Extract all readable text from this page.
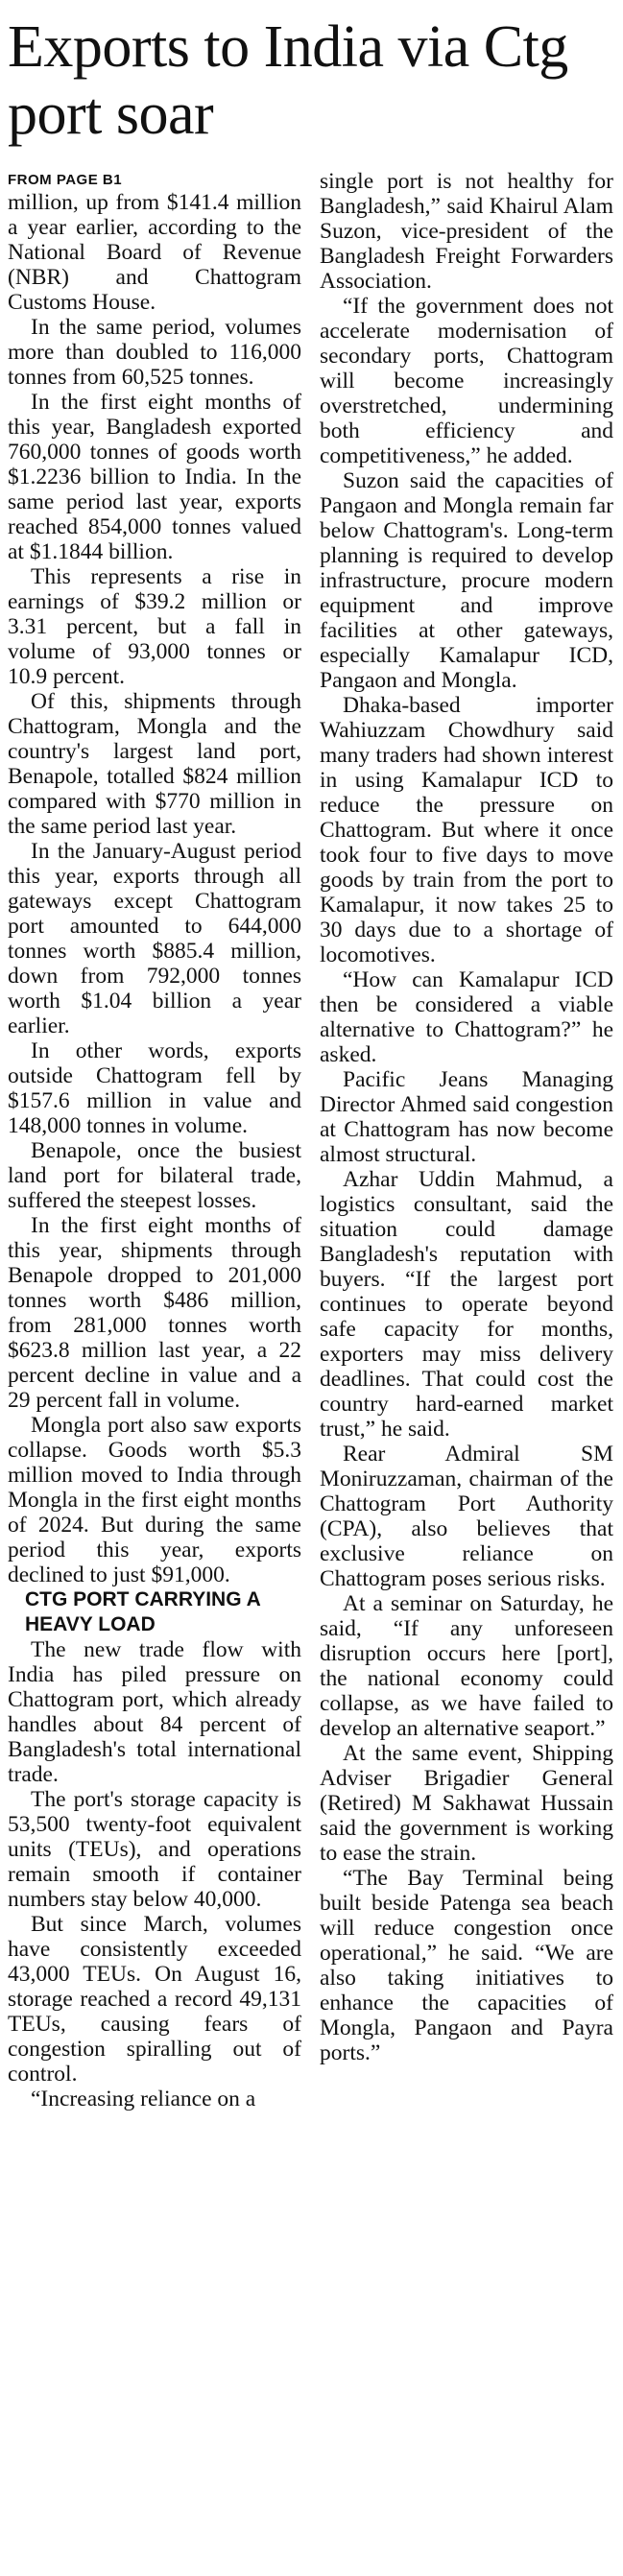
Exports to India via Ctg port soar
FROM PAGE B1

million, up from $141.4 million a year earlier, according to the National Board of Revenue (NBR) and Chattogram Customs House.

In the same period, volumes more than doubled to 116,000 tonnes from 60,525 tonnes.

In the first eight months of this year, Bangladesh exported 760,000 tonnes of goods worth $1.2236 billion to India. In the same period last year, exports reached 854,000 tonnes valued at $1.1844 billion.

This represents a rise in earnings of $39.2 million or 3.31 percent, but a fall in volume of 93,000 tonnes or 10.9 percent.

Of this, shipments through Chattogram, Mongla and the country's largest land port, Benapole, totalled $824 million compared with $770 million in the same period last year.

In the January-August period this year, exports through all gateways except Chattogram port amounted to 644,000 tonnes worth $885.4 million, down from 792,000 tonnes worth $1.04 billion a year earlier.

In other words, exports outside Chattogram fell by $157.6 million in value and 148,000 tonnes in volume.

Benapole, once the busiest land port for bilateral trade, suffered the steepest losses.

In the first eight months of this year, shipments through Benapole dropped to 201,000 tonnes worth $486 million, from 281,000 tonnes worth $623.8 million last year, a 22 percent decline in value and a 29 percent fall in volume.

Mongla port also saw exports collapse. Goods worth $5.3 million moved to India through Mongla in the first eight months of 2024. But during the same period this year, exports declined to just $91,000.

CTG PORT CARRYING A HEAVY LOAD

The new trade flow with India has piled pressure on Chattogram port, which already handles about 84 percent of Bangladesh's total international trade.

The port's storage capacity is 53,500 twenty-foot equivalent units (TEUs), and operations remain smooth if container numbers stay below 40,000.

But since March, volumes have consistently exceeded 43,000 TEUs. On August 16, storage reached a record 49,131 TEUs, causing fears of congestion spiralling out of control.

“Increasing reliance on a

single port is not healthy for Bangladesh,” said Khairul Alam Suzon, vice-president of the Bangladesh Freight Forwarders Association.

“If the government does not accelerate modernisation of secondary ports, Chattogram will become increasingly overstretched, undermining both efficiency and competitiveness,” he added.

Suzon said the capacities of Pangaon and Mongla remain far below Chattogram's. Long-term planning is required to develop infrastructure, procure modern equipment and improve facilities at other gateways, especially Kamalapur ICD, Pangaon and Mongla.

Dhaka-based importer Wahiuzzam Chowdhury said many traders had shown interest in using Kamalapur ICD to reduce the pressure on Chattogram. But where it once took four to five days to move goods by train from the port to Kamalapur, it now takes 25 to 30 days due to a shortage of locomotives.

“How can Kamalapur ICD then be considered a viable alternative to Chattogram?” he asked.

Pacific Jeans Managing Director Ahmed said congestion at Chattogram has now become almost structural.

Azhar Uddin Mahmud, a logistics consultant, said the situation could damage Bangladesh's reputation with buyers. “If the largest port continues to operate beyond safe capacity for months, exporters may miss delivery deadlines. That could cost the country hard-earned market trust,” he said.

Rear Admiral SM Moniruzzaman, chairman of the Chattogram Port Authority (CPA), also believes that exclusive reliance on Chattogram poses serious risks.

At a seminar on Saturday, he said, “If any unforeseen disruption occurs here [port], the national economy could collapse, as we have failed to develop an alternative seaport.”

At the same event, Shipping Adviser Brigadier General (Retired) M Sakhawat Hussain said the government is working to ease the strain.

“The Bay Terminal being built beside Patenga sea beach will reduce congestion once operational,” he said. “We are also taking initiatives to enhance the capacities of Mongla, Pangaon and Payra ports.”
